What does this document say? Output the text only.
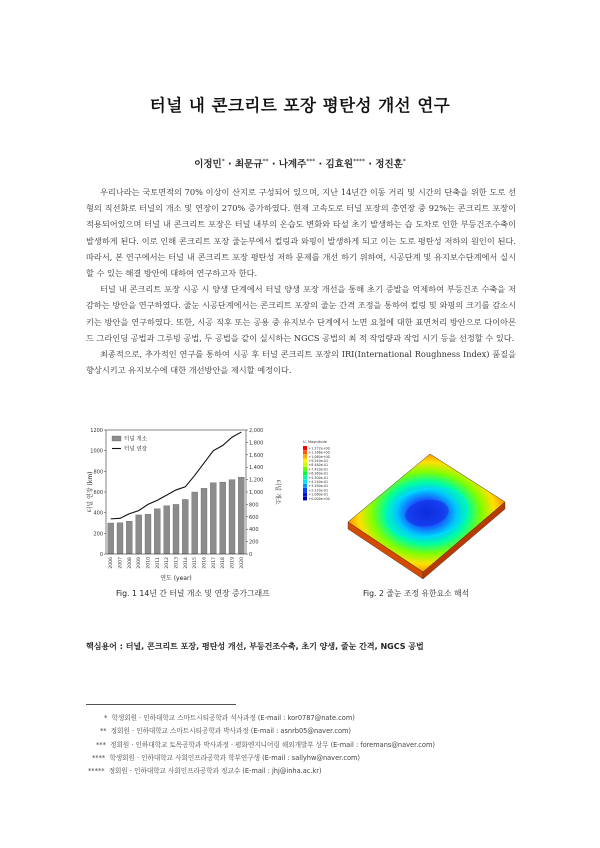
터널 내 콘크리트 포장 평탄성 개선 연구
이정민* · 최문규** · 나계주*** · 김효원**** · 정진훈*

우리나라는 국토면적의 70% 이상이 산지로 구성되어 있으며, 지난 14년간 이동 거리 및 시간의 단축을 위한 도로 선형의 직선화로 터널의 개소 및 연장이 270% 증가하였다. 현재 고속도로 터널 포장의 총연장 중 92%는 콘크리트 포장이 적용되어있으며 터널 내 콘크리트 포장은 터널 내부의 온습도 변화와 타설 초기 발생하는 습 도차로 인한 부등건조수축이 발생하게 된다. 이로 인해 콘크리트 포장 줄눈부에서 컬링과 와핑이 발생하게 되고 이는 도로 평탄성 저하의 원인이 된다. 따라서, 본 연구에서는 터널 내 콘크리트 포장 평탄성 저하 문제를 개선 하기 위하여, 시공단계 및 유지보수단계에서 실시할 수 있는 해결 방안에 대하여 연구하고자 한다.

터널 내 콘크리트 포장 시공 시 양생 단계에서 터널 양생 포장 개선을 통해 초기 증발을 억제하여 부등건조 수축을 저감하는 방안을 연구하였다. 줄눈 시공단계에서는 콘크리트 포장의 줄눈 간격 조정을 통하여 컬링 및 와핑의 크기를 감소시키는 방안을 연구하였다. 또한, 시공 직후 또는 공용 중 유지보수 단계에서 노면 요철에 대한 표면처리 방안으로 다이아몬드 그라인딩 공법과 그루빙 공법, 두 공법을 같이 실시하는 NGCS 공법의 최 적 작업량과 작업 시기 등을 선정할 수 있다.

최종적으로, 추가적인 연구를 통하여 시공 후 터널 콘크리트 포장의 IRI(International Roughness Index) 품질을 향상시키고 유지보수에 대한 개선방안을 제시할 예정이다.

0
200
400
600
800
1000
1200
0
200
400
600
800
1,000
1,200
1,400
1,600
1,800
2,000
2006 2007 2008 2009 2010 2011 2012 2013 2014 2015 2016 2017 2018 2019 2020
터널 개소
터널 연장
터널 연장 (km)	터널 개소
연도 (year)
U, Magnitude
+1.272e+00
+1.166e+00
+1.060e+00
+9.540e-01
+8.480e-01
+7.420e-01
+6.360e-01
+5.300e-01
+4.240e-01
+3.180e-01
+2.120e-01
+1.060e-01
+0.000e+00
Fig. 1 14년 간 터널 개소 및 연장 증가그래프	Fig. 2 줄눈 조정 유한요소 해석
핵심용어 : 터널, 콘크리트 포장, 평탄성 개선, 부등건조수축, 초기 양생, 줄눈 간격, NGCS 공법
* 학생회원 · 인하대학교 스마트시티공학과 석사과정 (E-mail : kor0787@nate.com)
** 정회원 · 인하대학교 스마트시티공학과 박사과정 (E-mail : asnrb05@naver.com)
*** 정회원 · 인하대학교 토목공학과 박사과정 · 평화엔지니어링 해외개발부 상무 (E-mail : foremans@naver.com)
**** 학생회원 · 인하대학교 사회인프라공학과 학부연구생 (E-mail : sallyhw@naver.com)
***** 정회원 · 인하대학교 사회인프라공학과 정교수 (E-mail : jhj@inha.ac.kr)
